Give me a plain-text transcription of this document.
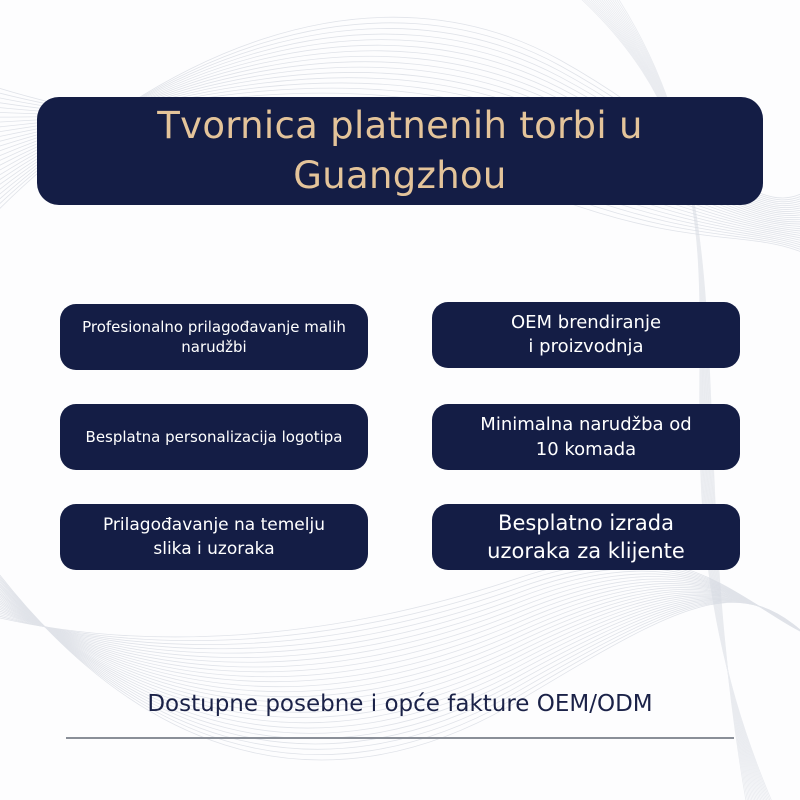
Tvornica platnenih torbi u
Guangzhou
Profesionalno prilagođavanje malih
narudžbi
OEM brendiranje
i proizvodnja
Besplatna personalizacija logotipa
Minimalna narudžba od
10 komada
Prilagođavanje na temelju
slika i uzoraka
Besplatno izrada
uzoraka za klijente
Dostupne posebne i opće fakture OEM/ODM
